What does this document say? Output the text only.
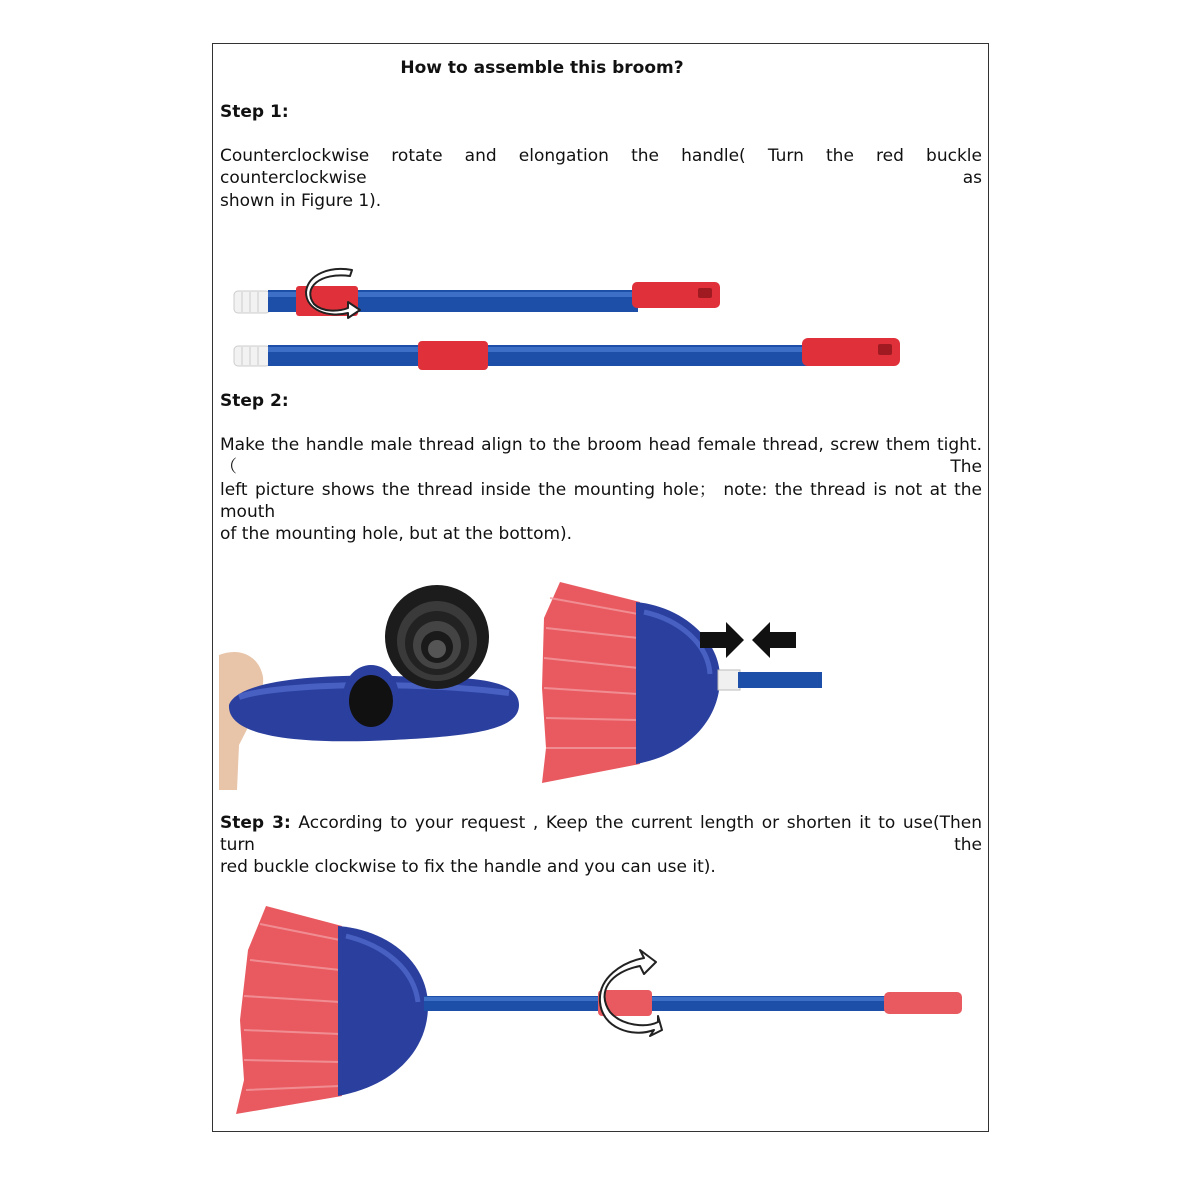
How to assemble this broom?
Step 1:
Counterclockwise rotate and elongation the handle( Turn the red buckle counterclockwise as
shown in Figure 1).
Step 2:
Make the handle male thread align to the broom head female thread, screw them tight. （The
left picture shows the thread inside the mounting hole； note: the thread is not at the mouth
of the mounting hole, but at the bottom).
Step 3: According to your request , Keep the current length or shorten it to use(Then turn the
red buckle clockwise to fix the handle and you can use it).
